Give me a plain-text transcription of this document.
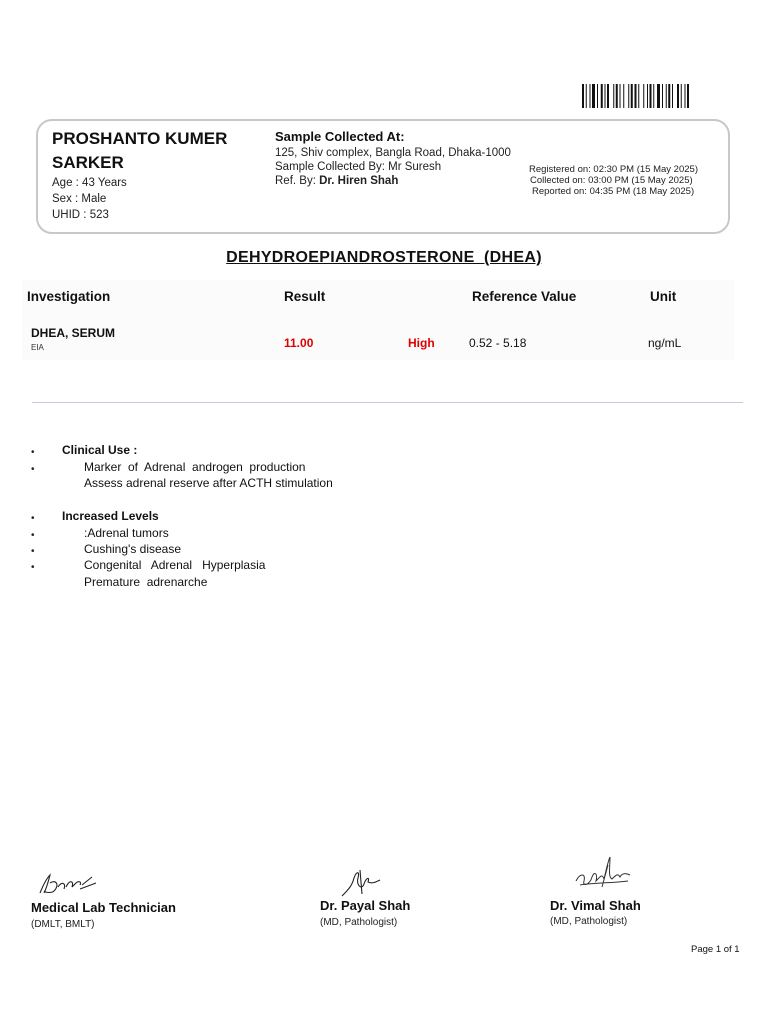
PROSHANTO KUMER
SARKER
Age : 43 Years
Sex : Male
UHID : 523
Sample Collected At:
125, Shiv complex, Bangla Road, Dhaka-1000
Sample Collected By: Mr Suresh
Ref. By: Dr. Hiren Shah
Registered on: 02:30 PM (15 May 2025)
Collected on: 03:00 PM (15 May 2025)
Reported on: 04:35 PM (18 May 2025)
DEHYDROEPIANDROSTERONE  (DHEA)
Investigation	Result	Reference Value	Unit
DHEA, SERUM
EIA	11.00	High	0.52 - 5.18	ng/mL
• Clinical Use :
•	Marker  of  Adrenal  androgen  production
Assess adrenal reserve after ACTH stimulation
• Increased Levels
•	:Adrenal tumors
•	Cushing's disease
•	Congenital   Adrenal   Hyperplasia
Premature  adrenarche
Medical Lab Technician
(DMLT, BMLT)
Dr. Payal Shah
(MD, Pathologist)
Dr. Vimal Shah
(MD, Pathologist)
Page 1 of 1
